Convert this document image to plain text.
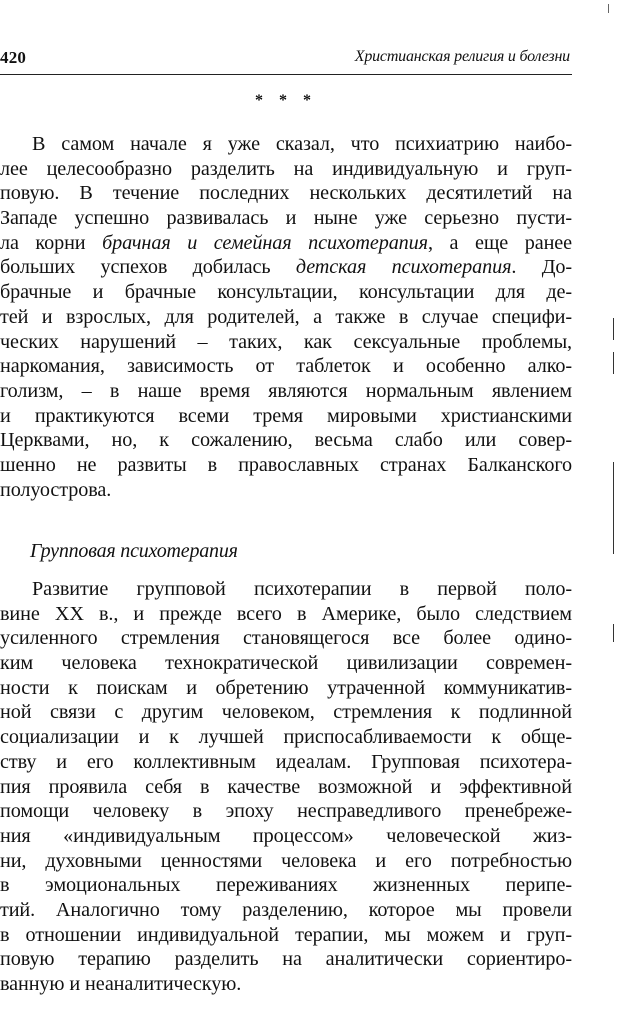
420	Христианская религия и болезни
* * *
В самом начале я уже сказал, что психиатрию наибо-
лее целесообразно разделить на индивидуальную и груп-
повую. В течение последних нескольких десятилетий на
Западе успешно развивалась и ныне уже серьезно пусти-
ла корни брачная и семейная психотерапия, а еще ранее
больших успехов добилась детская психотерапия. До-
брачные и брачные консультации, консультации для де-
тей и взрослых, для родителей, а также в случае специфи-
ческих нарушений – таких, как сексуальные проблемы,
наркомания, зависимость от таблеток и особенно алко-
голизм, – в наше время являются нормальным явлением
и практикуются всеми тремя мировыми христианскими
Церквами, но, к сожалению, весьма слабо или совер-
шенно не развиты в православных странах Балканского
полуострова.
Групповая психотерапия
Развитие групповой психотерапии в первой поло-
вине XX в., и прежде всего в Америке, было следствием
усиленного стремления становящегося все более одино-
ким человека технократической цивилизации современ-
ности к поискам и обретению утраченной коммуникатив-
ной связи с другим человеком, стремления к подлинной
социализации и к лучшей приспосабливаемости к обще-
ству и его коллективным идеалам. Групповая психотера-
пия проявила себя в качестве возможной и эффективной
помощи человеку в эпоху несправедливого пренебреже-
ния «индивидуальным процессом» человеческой жиз-
ни, духовными ценностями человека и его потребностью
в эмоциональных переживаниях жизненных перипе-
тий. Аналогично тому разделению, которое мы провели
в отношении индивидуальной терапии, мы можем и груп-
повую терапию разделить на аналитически сориентиро-
ванную и неаналитическую.
